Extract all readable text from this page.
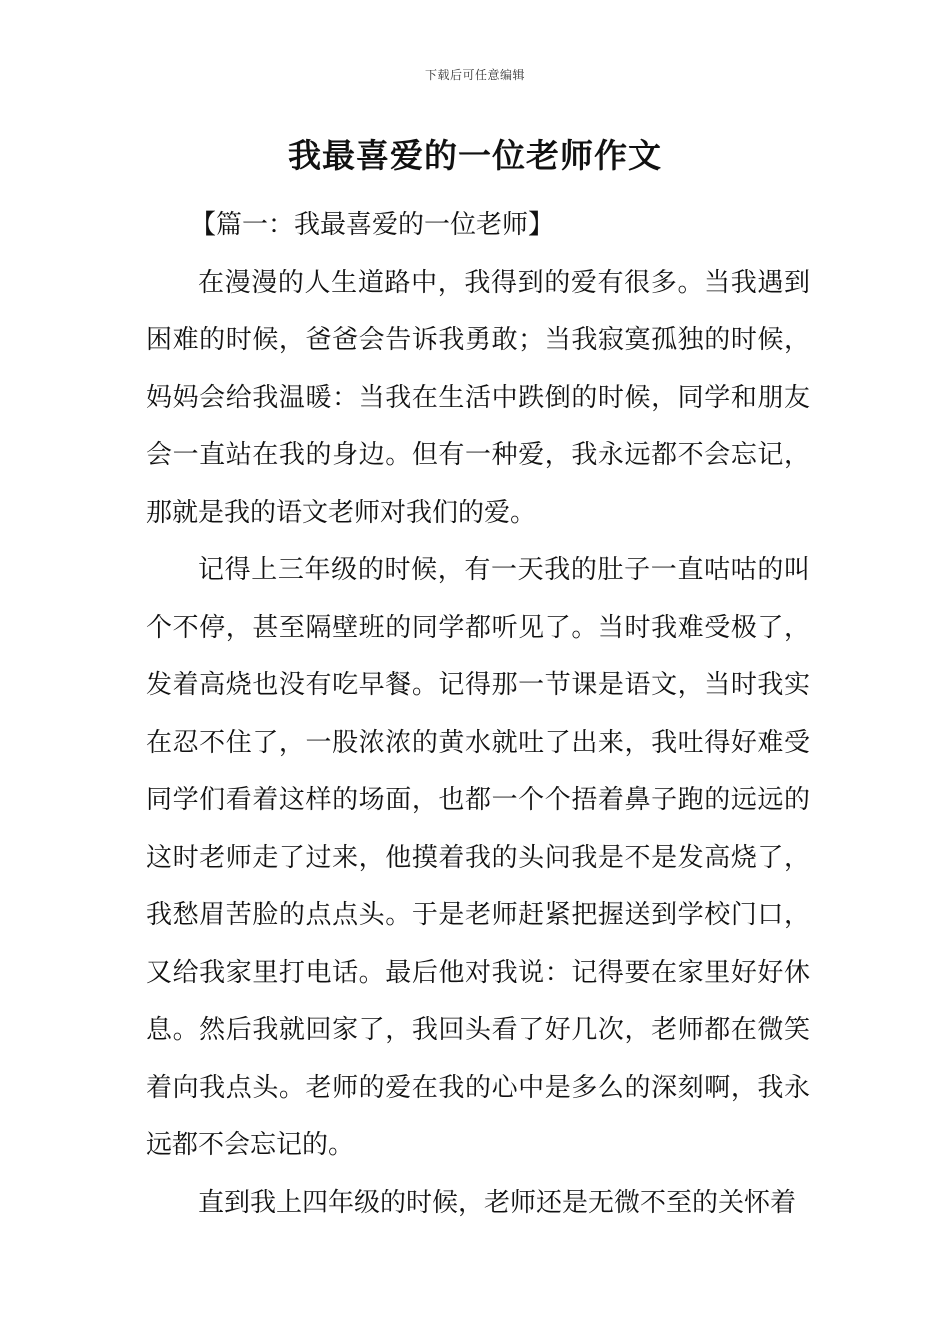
下载后可任意编辑
我最喜爱的一位老师作文

【篇一：我最喜爱的一位老师】

在漫漫的人生道路中，我得到的爱有很多。当我遇到困难的时候，爸爸会告诉我勇敢；当我寂寞孤独的时候，妈妈会给我温暖：当我在生活中跌倒的时候，同学和朋友会一直站在我的身边。但有一种爱，我永远都不会忘记，那就是我的语文老师对我们的爱。

记得上三年级的时候，有一天我的肚子一直咕咕的叫个不停，甚至隔壁班的同学都听见了。当时我难受极了，发着高烧也没有吃早餐。记得那一节课是语文，当时我实在忍不住了，一股浓浓的黄水就吐了出来，我吐得好难受同学们看着这样的场面，也都一个个捂着鼻子跑的远远的这时老师走了过来，他摸着我的头问我是不是发高烧了，我愁眉苦脸的点点头。于是老师赶紧把握送到学校门口，又给我家里打电话。最后他对我说：记得要在家里好好休息。然后我就回家了，我回头看了好几次，老师都在微笑着向我点头。老师的爱在我的心中是多么的深刻啊，我永远都不会忘记的。

直到我上四年级的时候，老师还是无微不至的关怀着
